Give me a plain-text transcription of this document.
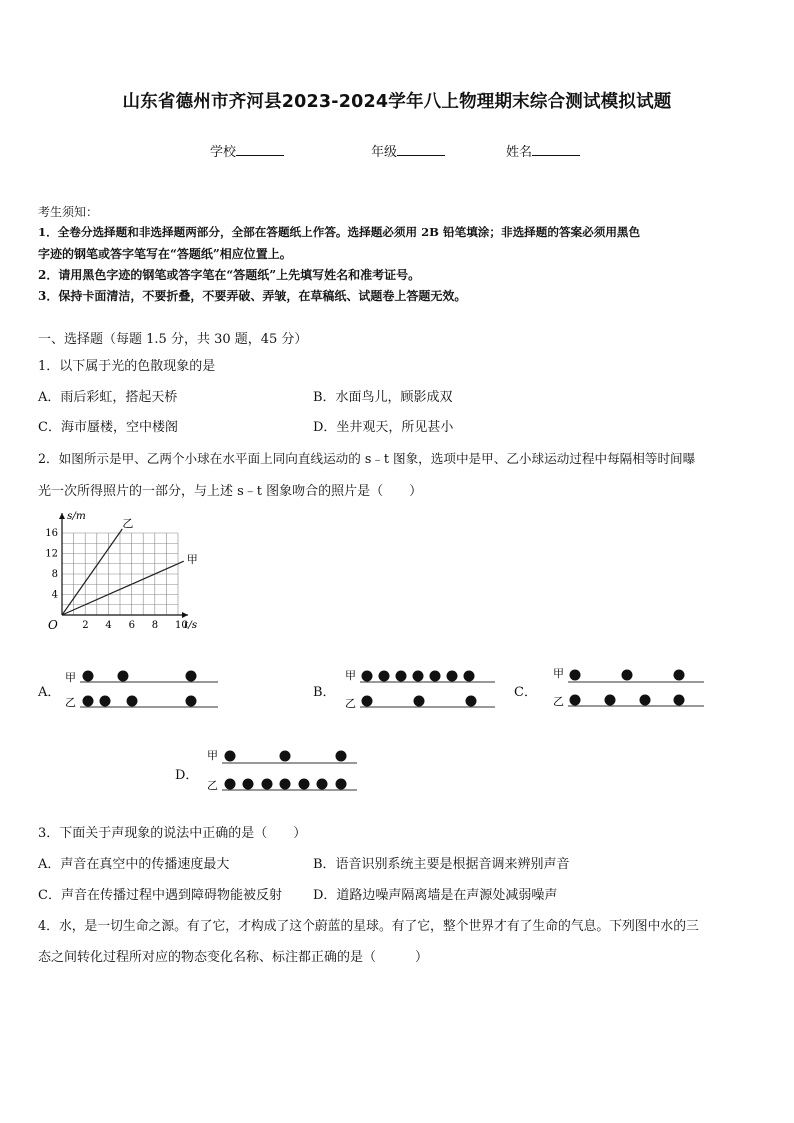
山东省德州市齐河县2023-2024学年八上物理期末综合测试模拟试题
学校	年级	姓名
考生须知：
1．全卷分选择题和非选择题两部分，全部在答题纸上作答。选择题必须用 2B 铅笔填涂；非选择题的答案必须用黑色
字迹的钢笔或答字笔写在“答题纸”相应位置上。
2．请用黑色字迹的钢笔或答字笔在“答题纸”上先填写姓名和准考证号。
3．保持卡面清洁，不要折叠，不要弄破、弄皱，在草稿纸、试题卷上答题无效。
一、选择题（每题 1.5 分，共 30 题，45 分）
1．以下属于光的色散现象的是
A．雨后彩虹，搭起天桥	B．水面鸟儿，顾影成双
C．海市蜃楼，空中楼阁	D．坐井观天，所见甚小
2．如图所示是甲、乙两个小球在水平面上同向直线运动的 s﹣t 图象，选项中是甲、乙小球运动过程中每隔相等时间曝
光一次所得照片的一部分，与上述 s﹣t 图象吻合的照片是（　　）
乙
甲
2 4 6 8 10
4
8
12
16
O	t/s
s/m
A．	B．	C．
D．
甲
乙
甲
乙
甲
乙
甲
乙
3．下面关于声现象的说法中正确的是（　　）
A．声音在真空中的传播速度最大	B．语音识别系统主要是根据音调来辨别声音
C．声音在传播过程中遇到障碍物能被反射 D．道路边噪声隔离墙是在声源处减弱噪声
4．水，是一切生命之源。有了它，才构成了这个蔚蓝的星球。有了它，整个世界才有了生命的气息。下列图中水的三
态之间转化过程所对应的物态变化名称、标注都正确的是（　　　）
